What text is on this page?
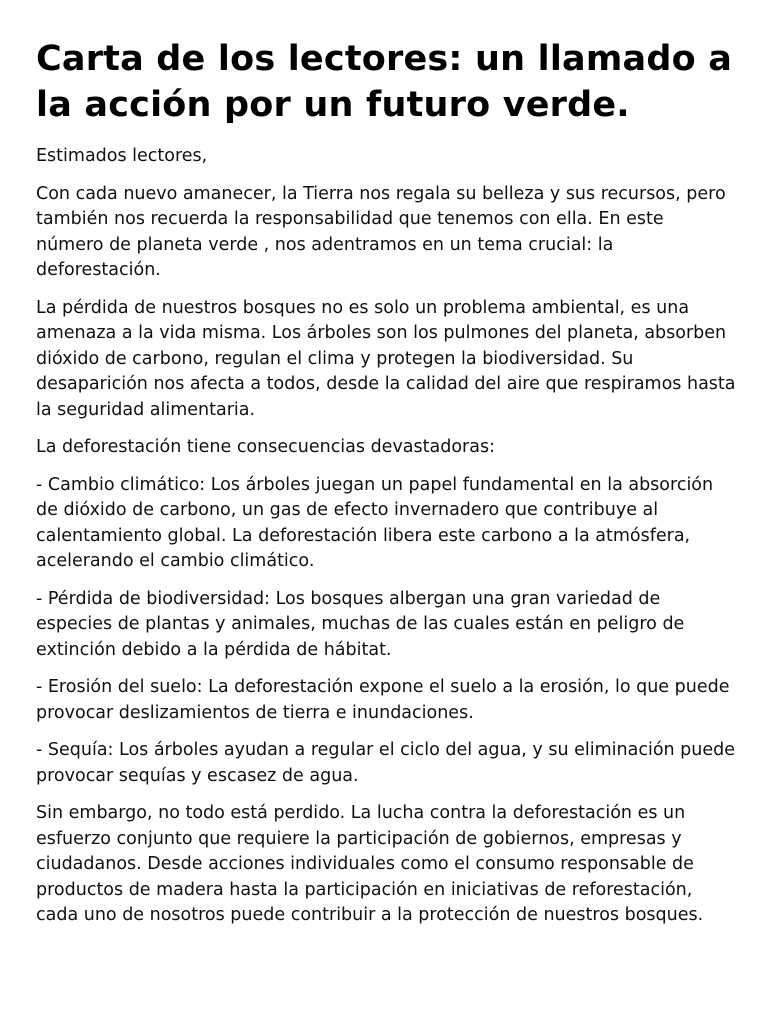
Carta de los lectores: un llamado a la acción por un futuro verde.

Estimados lectores,

Con cada nuevo amanecer, la Tierra nos regala su belleza y sus recursos, pero también nos recuerda la responsabilidad que tenemos con ella. En este número de planeta verde , nos adentramos en un tema crucial: la deforestación.

La pérdida de nuestros bosques no es solo un problema ambiental, es una amenaza a la vida misma. Los árboles son los pulmones del planeta, absorben dióxido de carbono, regulan el clima y protegen la biodiversidad. Su desaparición nos afecta a todos, desde la calidad del aire que respiramos hasta la seguridad alimentaria.

La deforestación tiene consecuencias devastadoras:

- Cambio climático: Los árboles juegan un papel fundamental en la absorción de dióxido de carbono, un gas de efecto invernadero que contribuye al calentamiento global. La deforestación libera este carbono a la atmósfera, acelerando el cambio climático.

- Pérdida de biodiversidad: Los bosques albergan una gran variedad de especies de plantas y animales, muchas de las cuales están en peligro de extinción debido a la pérdida de hábitat.

- Erosión del suelo: La deforestación expone el suelo a la erosión, lo que puede provocar deslizamientos de tierra e inundaciones.

- Sequía: Los árboles ayudan a regular el ciclo del agua, y su eliminación puede provocar sequías y escasez de agua.

Sin embargo, no todo está perdido. La lucha contra la deforestación es un esfuerzo conjunto que requiere la participación de gobiernos, empresas y ciudadanos. Desde acciones individuales como el consumo responsable de productos de madera hasta la participación en iniciativas de reforestación, cada uno de nosotros puede contribuir a la protección de nuestros bosques.
